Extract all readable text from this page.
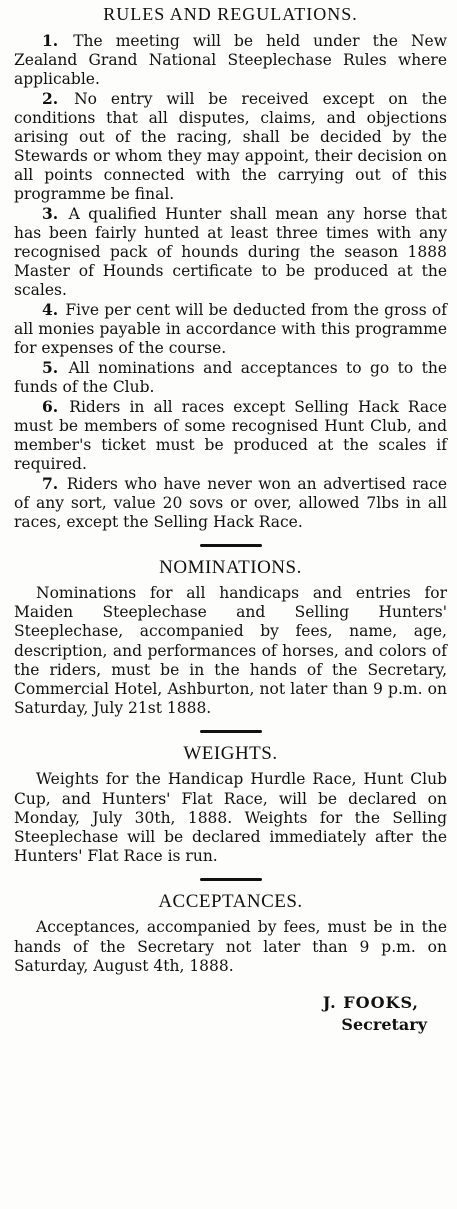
RULES AND REGULATIONS.

1. The meeting will be held under the New Zealand Grand National Steeplechase Rules where applicable.

2. No entry will be received except on the conditions that all disputes, claims, and objections arising out of the racing, shall be decided by the Stewards or whom they may appoint, their decision on all points connected with the carrying out of this programme be final.

3. A qualified Hunter shall mean any horse that has been fairly hunted at least three times with any recognised pack of hounds during the season 1888 Master of Hounds certificate to be produced at the scales.

4. Five per cent will be deducted from the gross of all monies payable in accordance with this programme for expenses of the course.

5. All nominations and acceptances to go to the funds of the Club.

6. Riders in all races except Selling Hack Race must be members of some recognised Hunt Club, and member's ticket must be produced at the scales if required.

7. Riders who have never won an advertised race of any sort, value 20 sovs or over, allowed 7lbs in all races, except the Selling Hack Race.

NOMINATIONS.

Nominations for all handicaps and entries for Maiden Steeplechase and Selling Hunters' Steeplechase, accompanied by fees, name, age, description, and performances of horses, and colors of the riders, must be in the hands of the Secretary, Commercial Hotel, Ashburton, not later than 9 p.m. on Saturday, July 21st 1888.

WEIGHTS.

Weights for the Handicap Hurdle Race, Hunt Club Cup, and Hunters' Flat Race, will be declared on Monday, July 30th, 1888. Weights for the Selling Steeplechase will be declared immediately after the Hunters' Flat Race is run.

ACCEPTANCES.

Acceptances, accompanied by fees, must be in the hands of the Secretary not later than 9 p.m. on Saturday, August 4th, 1888.

J. FOOKS,
Secretary
